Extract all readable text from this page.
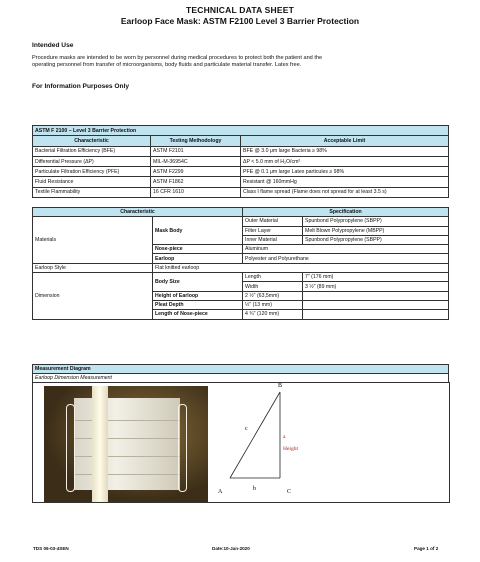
TECHNICAL DATA SHEET
Earloop Face Mask: ASTM F2100 Level 3 Barrier Protection
Intended Use
Procedure masks are intended to be worn by personnel during medical procedures to protect both the patient and the
operating personnel from transfer of microorganisms, body fluids and particulate material transfer. Latex free.
For Information Purposes Only
ASTM F 2100 – Level 3 Barrier Protection		
Characteristic	Testing Methodology	Acceptable Limit
Bacterial Filtration Efficiency (BFE)	ASTM F2101	BFE @ 3.0 μm large Bacteria ≥ 98%
Differential Pressure (ΔP)	MIL-M-36954C	ΔP < 5.0 mm of H₂O/cm²
Particulate Filtration Efficiency (PFE)	ASTM F2299	PFE @ 0.1 μm large Latex particules ≥ 98%
Fluid Resistance	ASTM F1862	Resistant @ 160mmHg
Textile Flammability	16 CFR 1610	Class I flame spread (Flame does not spread for at least 3.5 s)
Characteristic		Specification	
Materials	Mask Body	Outer Material	Spunbond Polypropylene (SBPP)
		Filter Layer	Melt Blown Polypropylene (MBPP)
		Inner Material	Spunbond Polypropylene (SBPP)
	Nose-piece	Aluminum	
	Earloop	Polyester and Polyurethane	
Earloop Style	Flat knitted earloop		
Dimension	Body Size	Length	7" (176 mm)
		Width	3 ½" (89 mm)
	Height of Earloop	2 ½" (63,5mm)	
	Pleat Depth	½" (13 mm)	
	Length of Nose-piece	4 ¾" (120 mm)	
Measurement Diagram
Earloop Dimension Measurement
B
A	C
c
a
Height
b
TDS 06-03-4SEN	Date:10-Jan-2020	Page 1 of 2
